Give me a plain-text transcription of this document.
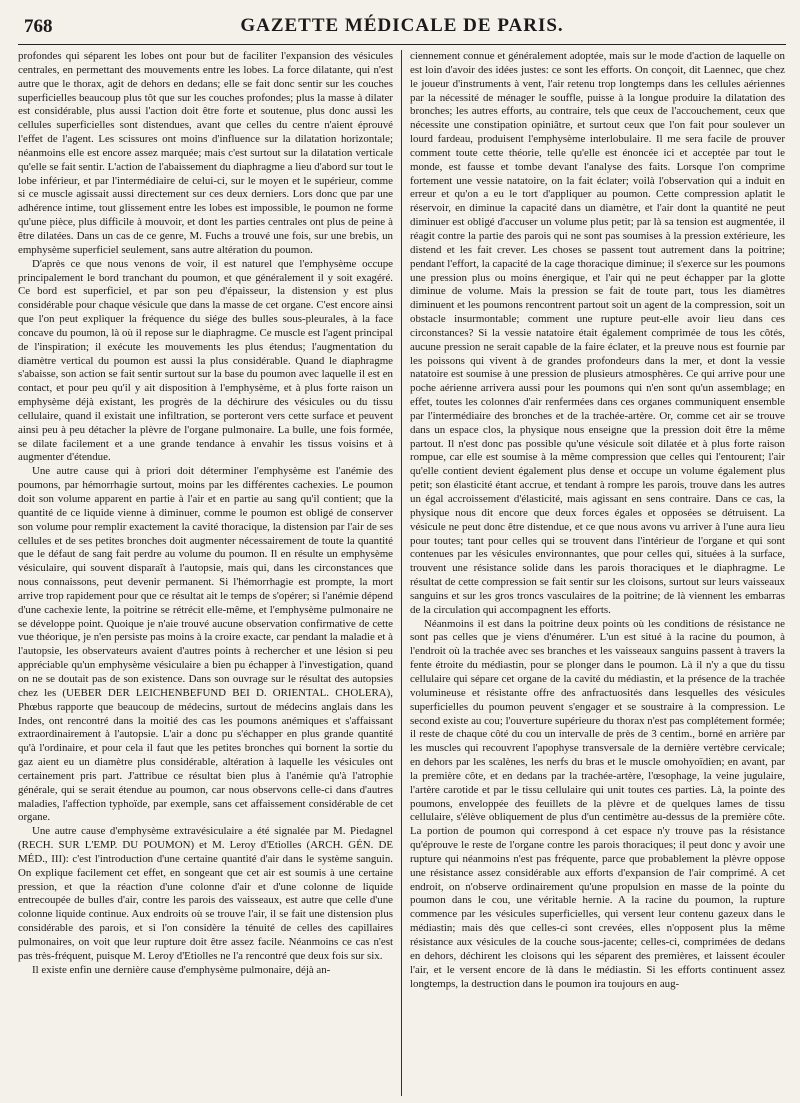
768	GAZETTE MÉDICALE DE PARIS.

profondes qui séparent les lobes ont pour but de faciliter l'expansion des vésicules centrales, en permettant des mouvements entre les lobes. La force dilatante, qui n'est autre que le thorax, agit de dehors en dedans; elle se fait donc sentir sur les couches superficielles beaucoup plus tôt que sur les couches profondes; plus la masse à dilater est considérable, plus aussi l'action doit être forte et soutenue, plus donc aussi les cellules superficielles sont distendues, avant que celles du centre n'aient éprouvé l'effet de l'agent. Les scissures ont moins d'influence sur la dilatation horizontale; néanmoins elle est encore assez marquée; mais c'est surtout sur la dilatation verticale qu'elle se fait sentir. L'action de l'abaissement du diaphragme a lieu d'abord sur tout le lobe inférieur, et par l'intermédiaire de celui-ci, sur le moyen et le supérieur, comme si ce muscle agissait aussi directement sur ces deux derniers. Lors donc que par une adhérence intime, tout glissement entre les lobes est impossible, le poumon ne forme qu'une pièce, plus difficile à mouvoir, et dont les parties centrales ont plus de peine à être dilatées. Dans un cas de ce genre, M. Fuchs a trouvé une fois, sur une brebis, un emphysème superficiel seulement, sans autre altération du poumon.

D'après ce que nous venons de voir, il est naturel que l'emphysème occupe principalement le bord tranchant du poumon, et que généralement il y soit exagéré. Ce bord est superficiel, et par son peu d'épaisseur, la distension y est plus considérable pour chaque vésicule que dans la masse de cet organe. C'est encore ainsi que l'on peut expliquer la fréquence du siége des bulles sous-pleurales, à la face concave du poumon, là où il repose sur le diaphragme. Ce muscle est l'agent principal de l'inspiration; il exécute les mouvements les plus étendus; l'augmentation du diamètre vertical du poumon est aussi la plus considérable. Quand le diaphragme s'abaisse, son action se fait sentir surtout sur la base du poumon avec laquelle il est en contact, et pour peu qu'il y ait disposition à l'emphysème, et à plus forte raison un emphysème déjà existant, les progrès de la déchirure des vésicules ou du tissu cellulaire, quand il existait une infiltration, se porteront vers cette surface et peuvent ainsi peu à peu détacher la plèvre de l'organe pulmonaire. La bulle, une fois formée, se dilate facilement et a une grande tendance à envahir les tissus voisins et à augmenter d'étendue.

Une autre cause qui à priori doit déterminer l'emphysème est l'anémie des poumons, par hémorrhagie surtout, moins par les différentes cachexies. Le poumon doit son volume apparent en partie à l'air et en partie au sang qu'il contient; que la quantité de ce liquide vienne à diminuer, comme le poumon est obligé de conserver son volume pour remplir exactement la cavité thoracique, la distension par l'air de ses cellules et de ses petites bronches doit augmenter nécessairement de toute la quantité que le défaut de sang fait perdre au volume du poumon. Il en résulte un emphysème vésiculaire, qui souvent disparaît à l'autopsie, mais qui, dans les circonstances que nous connaissons, peut devenir permanent. Si l'hémorrhagie est prompte, la mort arrive trop rapidement pour que ce résultat ait le temps de s'opérer; si l'anémie dépend d'une cachexie lente, la poitrine se rétrécit elle-même, et l'emphysème pulmonaire ne se développe point. Quoique je n'aie trouvé aucune observation confirmative de cette vue théorique, je n'en persiste pas moins à la croire exacte, car pendant la maladie et à l'autopsie, les observateurs avaient d'autres points à rechercher et une lésion si peu appréciable qu'un emphysème vésiculaire a bien pu échapper à l'investigation, quand on ne se doutait pas de son existence. Dans son ouvrage sur le résultat des autopsies chez les (UEBER DER LEICHENBEFUND BEI D. ORIENTAL. CHOLERA), Phœbus rapporte que beaucoup de médecins, surtout de médecins anglais dans les Indes, ont rencontré dans la moitié des cas les poumons anémiques et s'affaissant extraordinairement à l'autopsie. L'air a donc pu s'échapper en plus grande quantité qu'à l'ordinaire, et pour cela il faut que les petites bronches qui bornent la sortie du gaz aient eu un diamètre plus considérable, altération à laquelle les vésicules ont certainement pris part. J'attribue ce résultat bien plus à l'anémie qu'à l'atrophie générale, qui se serait étendue au poumon, car nous observons celle-ci dans d'autres maladies, l'affection typhoïde, par exemple, sans cet affaissement considérable de cet organe.

Une autre cause d'emphysème extravésiculaire a été signalée par M. Piedagnel (RECH. SUR L'EMP. DU POUMON) et M. Leroy d'Etiolles (ARCH. GÉN. DE MÉD., III): c'est l'introduction d'une certaine quantité d'air dans le système sanguin. On explique facilement cet effet, en songeant que cet air est soumis à une certaine pression, et que la réaction d'une colonne d'air et d'une colonne de liquide entrecoupée de bulles d'air, contre les parois des vaisseaux, est autre que celle d'une colonne liquide continue. Aux endroits où se trouve l'air, il se fait une distension plus considérable des parois, et si l'on considère la ténuité de celles des capillaires pulmonaires, on voit que leur rupture doit être assez facile. Néanmoins ce cas n'est pas très-fréquent, puisque M. Leroy d'Etiolles ne l'a rencontré que deux fois sur six.

Il existe enfin une dernière cause d'emphysème pulmonaire, déjà an-

ciennement connue et généralement adoptée, mais sur le mode d'action de laquelle on est loin d'avoir des idées justes: ce sont les efforts. On conçoit, dit Laennec, que chez le joueur d'instruments à vent, l'air retenu trop longtemps dans les cellules aériennes par la nécessité de ménager le souffle, puisse à la longue produire la dilatation des bronches; les autres efforts, au contraire, tels que ceux de l'accouchement, ceux que nécessite une constipation opiniâtre, et surtout ceux que l'on fait pour soulever un lourd fardeau, produisent l'emphysème interlobulaire. Il me sera facile de prouver comment toute cette théorie, telle qu'elle est énoncée ici et acceptée par tout le monde, est fausse et tombe devant l'analyse des faits. Lorsque l'on comprime fortement une vessie natatoire, on la fait éclater; voilà l'observation qui a induit en erreur et qu'on a eu le tort d'appliquer au poumon. Cette compression aplatit le réservoir, en diminue la capacité dans un diamètre, et l'air dont la quantité ne peut diminuer est obligé d'accuser un volume plus petit; par là sa tension est augmentée, il réagit contre la partie des parois qui ne sont pas soumises à la pression extérieure, les distend et les fait crever. Les choses se passent tout autrement dans la poitrine; pendant l'effort, la capacité de la cage thoracique diminue; il s'exerce sur les poumons une pression plus ou moins énergique, et l'air qui ne peut échapper par la glotte diminue de volume. Mais la pression se fait de toute part, tous les diamètres diminuent et les poumons rencontrent partout soit un agent de la compression, soit un obstacle insurmontable; comment une rupture peut-elle avoir lieu dans ces circonstances? Si la vessie natatoire était également comprimée de tous les côtés, aucune pression ne serait capable de la faire éclater, et la preuve nous est fournie par les poissons qui vivent à de grandes profondeurs dans la mer, et dont la vessie natatoire est soumise à une pression de plusieurs atmosphères. Ce qui arrive pour une poche aérienne arrivera aussi pour les poumons qui n'en sont qu'un assemblage; en effet, toutes les colonnes d'air renfermées dans ces organes communiquent ensemble par l'intermédiaire des bronches et de la trachée-artère. Or, comme cet air se trouve dans un espace clos, la physique nous enseigne que la pression doit être la même partout. Il n'est donc pas possible qu'une vésicule soit dilatée et à plus forte raison rompue, car elle est soumise à la même compression que celles qui l'entourent; l'air qu'elle contient devient également plus dense et occupe un volume également plus petit; son élasticité étant accrue, et tendant à rompre les parois, trouve dans les autres un égal accroissement d'élasticité, mais agissant en sens contraire. Dans ce cas, la physique nous dit encore que deux forces égales et opposées se détruisent. La vésicule ne peut donc être distendue, et ce que nous avons vu arriver à l'une aura lieu pour toutes; tant pour celles qui se trouvent dans l'intérieur de l'organe et qui sont contenues par les vésicules environnantes, que pour celles qui, situées à la surface, trouvent une résistance solide dans les parois thoraciques et le diaphragme. Le résultat de cette compression se fait sentir sur les cloisons, surtout sur leurs vaisseaux sanguins et sur les gros troncs vasculaires de la poitrine; de là viennent les embarras de la circulation qui accompagnent les efforts.

Néanmoins il est dans la poitrine deux points où les conditions de résistance ne sont pas celles que je viens d'énumérer. L'un est situé à la racine du poumon, à l'endroit où la trachée avec ses branches et les vaisseaux sanguins passent à travers la fente étroite du médiastin, pour se plonger dans le poumon. Là il n'y a que du tissu cellulaire qui sépare cet organe de la cavité du médiastin, et la présence de la trachée volumineuse et résistante offre des anfractuosités dans lesquelles des vésicules superficielles du poumon peuvent s'engager et se soustraire à la compression. Le second existe au cou; l'ouverture supérieure du thorax n'est pas complétement formée; il reste de chaque côté du cou un intervalle de près de 3 centim., borné en arrière par les muscles qui recouvrent l'apophyse transversale de la dernière vertèbre cervicale; en dehors par les scalènes, les nerfs du bras et le muscle omohyoïdien; en avant, par la première côte, et en dedans par la trachée-artère, l'œsophage, la veine jugulaire, l'artère carotide et par le tissu cellulaire qui unit toutes ces parties. Là, la pointe des poumons, enveloppée des feuillets de la plèvre et de quelques lames de tissu cellulaire, s'élève obliquement de plus d'un centimètre au-dessus de la première côte. La portion de poumon qui correspond à cet espace n'y trouve pas la résistance qu'éprouve le reste de l'organe contre les parois thoraciques; il peut donc y avoir une rupture qui néanmoins n'est pas fréquente, parce que probablement la plèvre oppose une résistance assez considérable aux efforts d'expansion de l'air comprimé. A cet endroit, on n'observe ordinairement qu'une propulsion en masse de la pointe du poumon dans le cou, une véritable hernie. A la racine du poumon, la rupture commence par les vésicules superficielles, qui versent leur contenu gazeux dans le médiastin; mais dès que celles-ci sont crevées, elles n'opposent plus la même résistance aux vésicules de la couche sous-jacente; celles-ci, comprimées de dedans en dehors, déchirent les cloisons qui les séparent des premières, et laissent écouler l'air, et le versent encore de là dans le médiastin. Si les efforts continuent assez longtemps, la destruction dans le poumon ira toujours en aug-
